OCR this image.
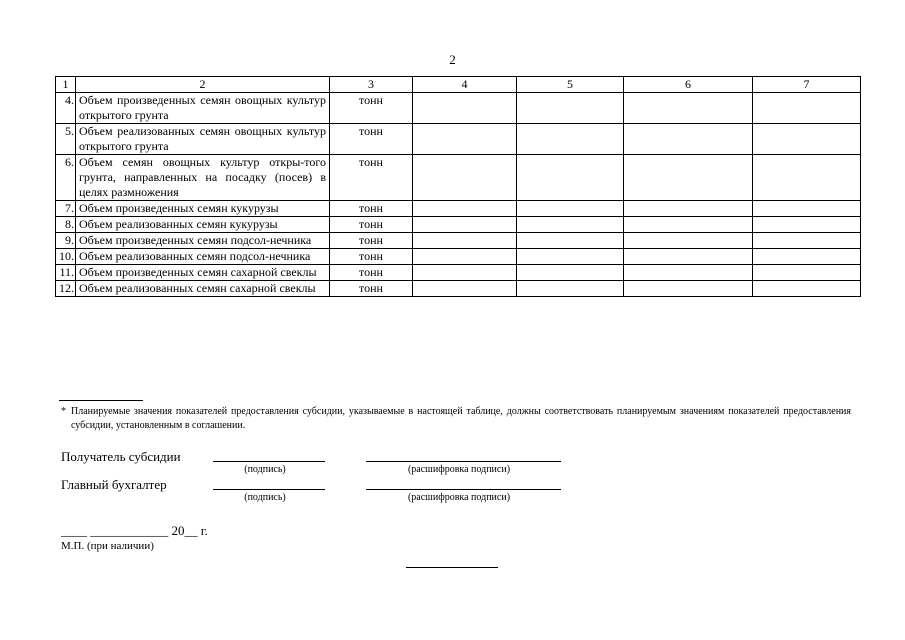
2
1	2	3	4	5	6	7
4.	Объем произведенных семян овощных культур открытого грунта	тонн				
5.	Объем реализованных семян овощных культур открытого грунта	тонн				
6.	Объем семян овощных культур откры-того грунта, направленных на посадку (посев) в целях размножения	тонн				
7.	Объем произведенных семян кукурузы	тонн				
8.	Объем реализованных семян кукурузы	тонн				
9.	Объем произведенных семян подсол-нечника	тонн				
10.	Объем реализованных семян подсол-нечника	тонн				
11.	Объем произведенных семян сахарной свеклы	тонн				
12.	Объем реализованных семян сахарной свеклы	тонн				
* Планируемые значения показателей предоставления субсидии, указываемые в настоящей таблице, должны соответствовать планируемым значениям показателей предоставления субсидии, установленным в соглашении.
Получатель субсидии
(подпись)	(расшифровка подписи)
Главный бухгалтер
(подпись)	(расшифровка подписи)
____ ____________ 20__ г.
М.П. (при наличии)
